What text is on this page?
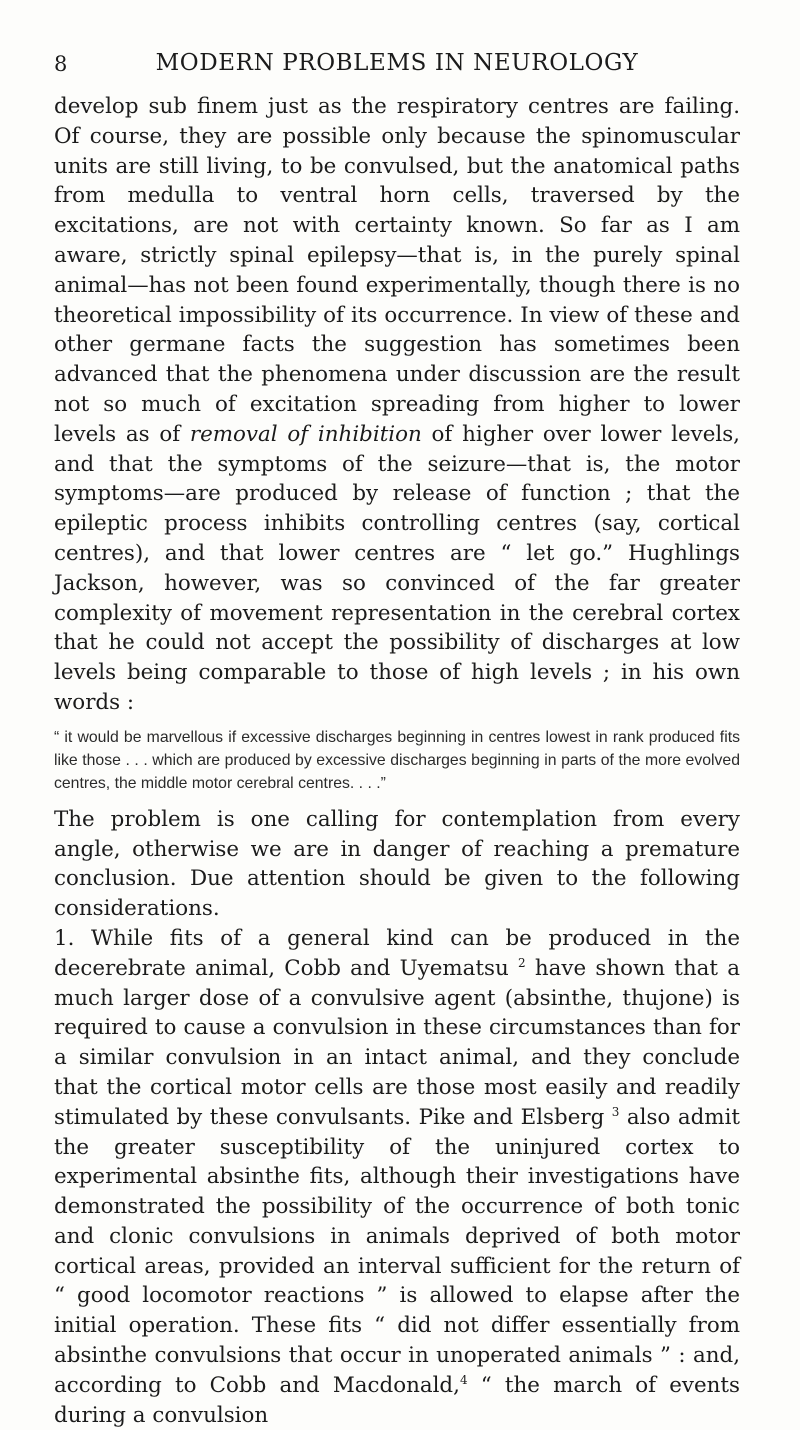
8	MODERN PROBLEMS IN NEUROLOGY

develop sub finem just as the respiratory centres are failing. Of course, they are possible only because the spinomuscular units are still living, to be convulsed, but the anatomical paths from medulla to ventral horn cells, traversed by the excitations, are not with certainty known. So far as I am aware, strictly spinal epilepsy—that is, in the purely spinal animal—has not been found experimentally, though there is no theoretical impossibility of its occurrence. In view of these and other germane facts the suggestion has sometimes been advanced that the phenomena under discussion are the result not so much of excitation spreading from higher to lower levels as of removal of inhibition of higher over lower levels, and that the symptoms of the seizure—that is, the motor symptoms—are produced by release of function ; that the epileptic process inhibits controlling centres (say, cortical centres), and that lower centres are “ let go.” Hughlings Jackson, however, was so convinced of the far greater complexity of movement representation in the cerebral cortex that he could not accept the possibility of discharges at low levels being comparable to those of high levels ; in his own words :

“ it would be marvellous if excessive discharges beginning in centres lowest in rank produced fits like those . . . which are produced by excessive discharges beginning in parts of the more evolved centres, the middle motor cerebral centres. . . .”

The problem is one calling for contemplation from every angle, otherwise we are in danger of reaching a premature conclusion. Due attention should be given to the following considerations.

1. While fits of a general kind can be produced in the decerebrate animal, Cobb and Uyematsu $^2$ have shown that a much larger dose of a convulsive agent (absinthe, thujone) is required to cause a convulsion in these circumstances than for a similar convulsion in an intact animal, and they conclude that the cortical motor cells are those most easily and readily stimulated by these convulsants. Pike and Elsberg $^3$ also admit the greater susceptibility of the uninjured cortex to experimental absinthe fits, although their investigations have demonstrated the possibility of the occurrence of both tonic and clonic convulsions in animals deprived of both motor cortical areas, provided an interval sufficient for the return of “ good locomotor reactions ” is allowed to elapse after the initial operation. These fits “ did not differ essentially from absinthe convulsions that occur in unoperated animals ” : and, according to Cobb and Macdonald,$^4$ “ the march of events during a convulsion
